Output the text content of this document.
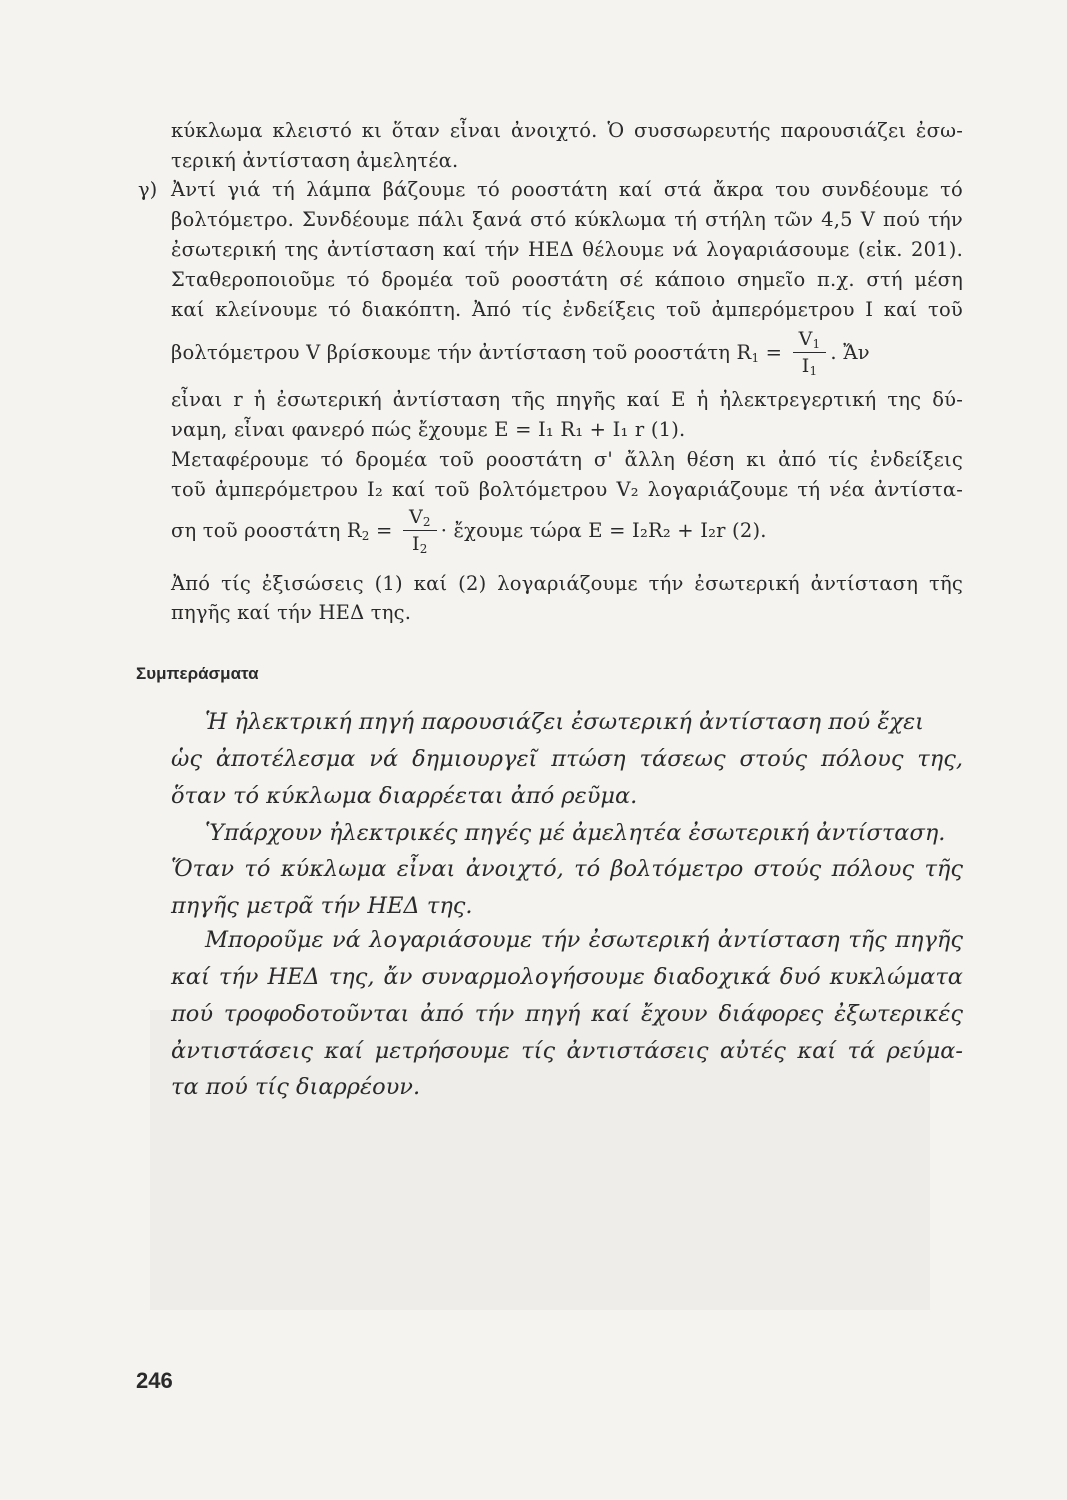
κύκλωμα κλειστό κι ὅταν εἶναι ἀνοιχτό. Ὁ συσσωρευτής παρουσιάζει ἐσω-
τερική ἀντίσταση ἀμελητέα.
γ) Ἀντί γιά τή λάμπα βάζουμε τό ροοστάτη καί στά ἄκρα του συνδέουμε τό
βολτόμετρο. Συνδέουμε πάλι ξανά στό κύκλωμα τή στήλη τῶν 4,5 V πού τήν
ἐσωτερική της ἀντίσταση καί τήν ΗΕΔ θέλουμε νά λογαριάσουμε (εἰκ. 201).
Σταθεροποιοῦμε τό δρομέα τοῦ ροοστάτη σέ κάποιο σημεῖο π.χ. στή μέση
καί κλείνουμε τό διακόπτη. Ἀπό τίς ἐνδείξεις τοῦ ἀμπερόμετρου Ι καί τοῦ
βολτόμετρου V βρίσκουμε τήν ἀντίσταση τοῦ ροοστάτη $R_1 = \frac{V_1}{I_1}$ . Ἄν
εἶναι r ἡ ἐσωτερική ἀντίσταση τῆς πηγῆς καί E ἡ ἠλεκτρεγερτική της δύ-
ναμη, εἶναι φανερό πώς ἔχουμε E = I₁ R₁ + I₁ r (1).
Μεταφέρουμε τό δρομέα τοῦ ροοστάτη σ' ἄλλη θέση κι ἀπό τίς ἐνδείξεις
τοῦ ἀμπερόμετρου I₂ καί τοῦ βολτόμετρου V₂ λογαριάζουμε τή νέα ἀντίστα-
ση τοῦ ροοστάτη $R_2 = \frac{V_2}{I_2}$ · ἔχουμε τώρα E = I₂R₂ + I₂r (2).
Ἀπό τίς ἐξισώσεις (1) καί (2) λογαριάζουμε τήν ἐσωτερική ἀντίσταση τῆς
πηγῆς καί τήν ΗΕΔ της.
Συμπεράσματα
Ἡ ἠλεκτρική πηγή παρουσιάζει ἐσωτερική ἀντίσταση πού ἔχει
ὡς ἀποτέλεσμα νά δημιουργεῖ πτώση τάσεως στούς πόλους της,
ὅταν τό κύκλωμα διαρρέεται ἀπό ρεῦμα.
Ὑπάρχουν ἠλεκτρικές πηγές μέ ἀμελητέα ἐσωτερική ἀντίσταση.
Ὅταν τό κύκλωμα εἶναι ἀνοιχτό, τό βολτόμετρο στούς πόλους τῆς
πηγῆς μετρᾶ τήν ΗΕΔ της.
Μποροῦμε νά λογαριάσουμε τήν ἐσωτερική ἀντίσταση τῆς πηγῆς
καί τήν ΗΕΔ της, ἄν συναρμολογήσουμε διαδοχικά δυό κυκλώματα
πού τροφοδοτοῦνται ἀπό τήν πηγή καί ἔχουν διάφορες ἐξωτερικές
ἀντιστάσεις καί μετρήσουμε τίς ἀντιστάσεις αὐτές καί τά ρεύμα-
τα πού τίς διαρρέουν.
246
